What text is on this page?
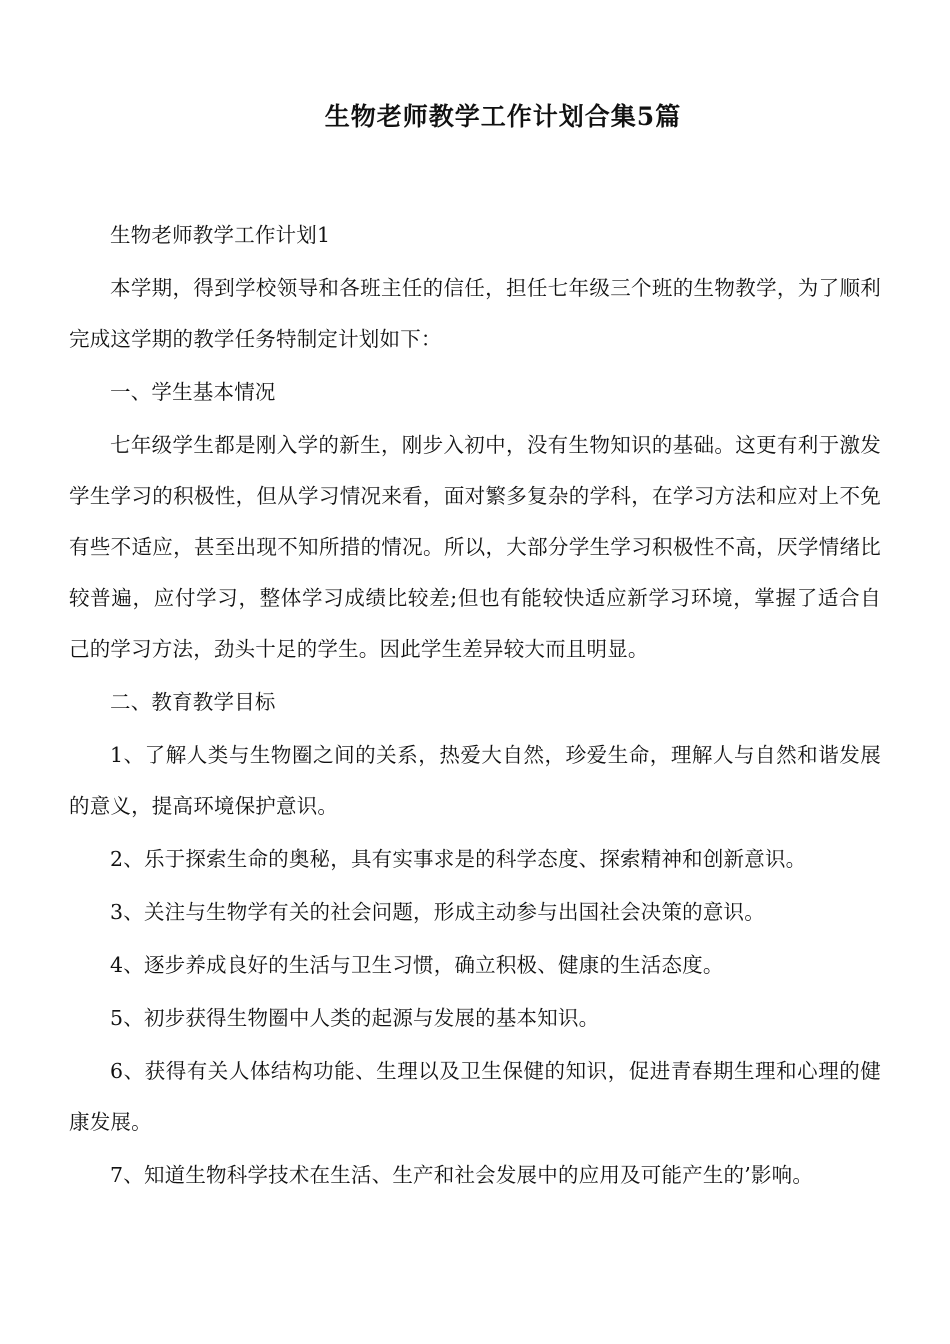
生物老师教学工作计划合集5篇

生物老师教学工作计划1

本学期，得到学校领导和各班主任的信任，担任七年级三个班的生物教学，为了顺利完成这学期的教学任务特制定计划如下：

一、学生基本情况

七年级学生都是刚入学的新生，刚步入初中，没有生物知识的基础。这更有利于激发学生学习的积极性，但从学习情况来看，面对繁多复杂的学科，在学习方法和应对上不免有些不适应，甚至出现不知所措的情况。所以，大部分学生学习积极性不高，厌学情绪比较普遍，应付学习，整体学习成绩比较差;但也有能较快适应新学习环境，掌握了适合自己的学习方法，劲头十足的学生。因此学生差异较大而且明显。

二、教育教学目标

1、了解人类与生物圈之间的关系，热爱大自然，珍爱生命，理解人与自然和谐发展的意义，提高环境保护意识。

2、乐于探索生命的奥秘，具有实事求是的科学态度、探索精神和创新意识。

3、关注与生物学有关的社会问题，形成主动参与出国社会决策的意识。

4、逐步养成良好的生活与卫生习惯，确立积极、健康的生活态度。

5、初步获得生物圈中人类的起源与发展的基本知识。

6、获得有关人体结构功能、生理以及卫生保健的知识，促进青春期生理和心理的健康发展。

7、知道生物科学技术在生活、生产和社会发展中的应用及可能产生的’影响。
